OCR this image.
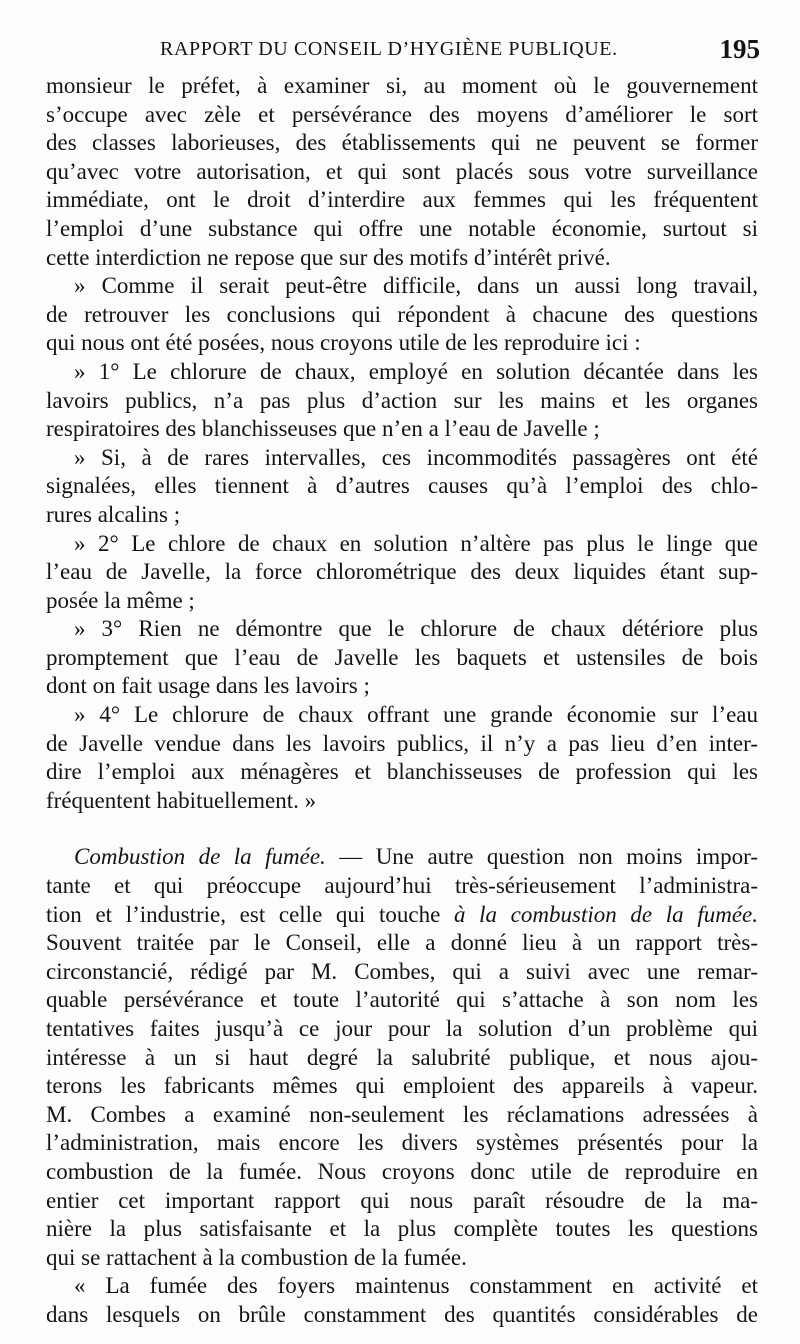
RAPPORT DU CONSEIL D’HYGIÈNE PUBLIQUE.	195
monsieur le préfet, à examiner si, au moment où le gouvernement
s’occupe avec zèle et persévérance des moyens d’améliorer le sort
des classes laborieuses, des établissements qui ne peuvent se former
qu’avec votre autorisation, et qui sont placés sous votre surveillance
immédiate, ont le droit d’interdire aux femmes qui les fréquentent
l’emploi d’une substance qui offre une notable économie, surtout si
cette interdiction ne repose que sur des motifs d’intérêt privé.
» Comme il serait peut-être difficile, dans un aussi long travail,
de retrouver les conclusions qui répondent à chacune des questions
qui nous ont été posées, nous croyons utile de les reproduire ici :
» 1° Le chlorure de chaux, employé en solution décantée dans les
lavoirs publics, n’a pas plus d’action sur les mains et les organes
respiratoires des blanchisseuses que n’en a l’eau de Javelle ;
» Si, à de rares intervalles, ces incommodités passagères ont été
signalées, elles tiennent à d’autres causes qu’à l’emploi des chlo-
rures alcalins ;
» 2° Le chlore de chaux en solution n’altère pas plus le linge que
l’eau de Javelle, la force chlorométrique des deux liquides étant sup-
posée la même ;
» 3° Rien ne démontre que le chlorure de chaux détériore plus
promptement que l’eau de Javelle les baquets et ustensiles de bois
dont on fait usage dans les lavoirs ;
» 4° Le chlorure de chaux offrant une grande économie sur l’eau
de Javelle vendue dans les lavoirs publics, il n’y a pas lieu d’en inter-
dire l’emploi aux ménagères et blanchisseuses de profession qui les
fréquentent habituellement. »
Combustion de la fumée. — Une autre question non moins impor-
tante et qui préoccupe aujourd’hui très-sérieusement l’administra-
tion et l’industrie, est celle qui touche à la combustion de la fumée.
Souvent traitée par le Conseil, elle a donné lieu à un rapport très-
circonstancié, rédigé par M. Combes, qui a suivi avec une remar-
quable persévérance et toute l’autorité qui s’attache à son nom les
tentatives faites jusqu’à ce jour pour la solution d’un problème qui
intéresse à un si haut degré la salubrité publique, et nous ajou-
terons les fabricants mêmes qui emploient des appareils à vapeur.
M. Combes a examiné non-seulement les réclamations adressées à
l’administration, mais encore les divers systèmes présentés pour la
combustion de la fumée. Nous croyons donc utile de reproduire en
entier cet important rapport qui nous paraît résoudre de la ma-
nière la plus satisfaisante et la plus complète toutes les questions
qui se rattachent à la combustion de la fumée.
« La fumée des foyers maintenus constamment en activité et
dans lesquels on brûle constamment des quantités considérables de
